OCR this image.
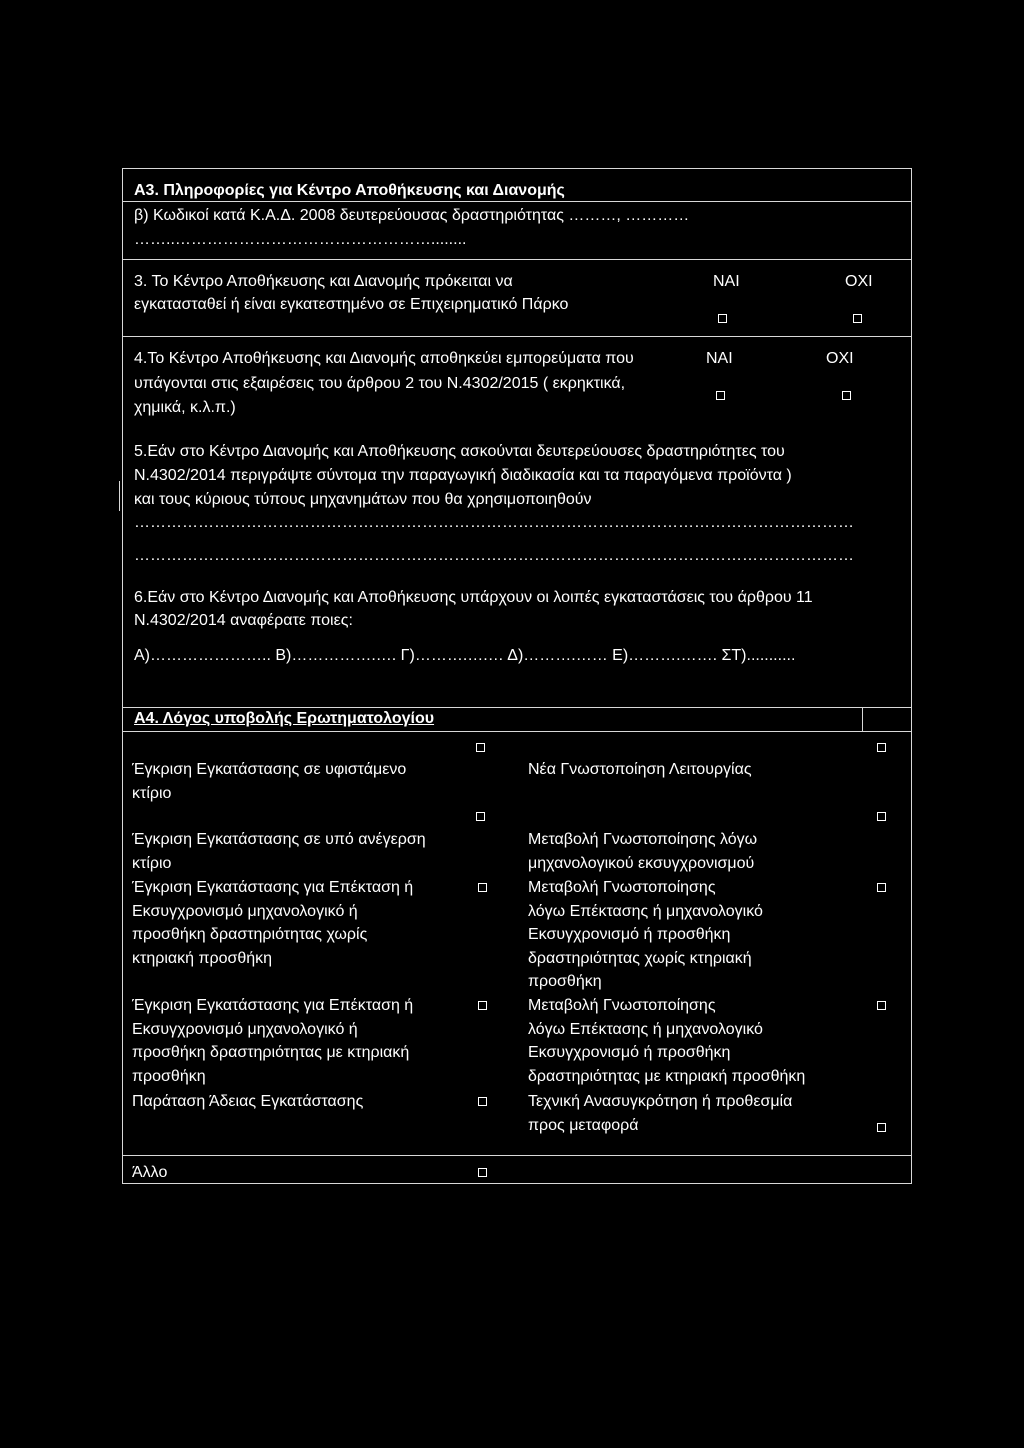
Α3. Πληροφορίες για Κέντρο Αποθήκευσης και Διανομής
β) Κωδικοί κατά Κ.Α.Δ. 2008 δευτερεύουσας δραστηριότητας ………, …………
……..…………………………………………........
3. Το Κέντρο Αποθήκευσης και Διανομής πρόκειται να
εγκατασταθεί ή είναι εγκατεστημένο σε Επιχειρηματικό Πάρκο
ΝΑΙ	ΟΧΙ
4.Το Κέντρο Αποθήκευσης και Διανομής αποθηκεύει εμπορεύματα που
υπάγονται στις εξαιρέσεις του άρθρου 2 του Ν.4302/2015 ( εκρηκτικά,
χημικά, κ.λ.π.)
ΝΑΙ	ΟΧΙ
5.Εάν στο Κέντρο Διανομής και Αποθήκευσης ασκούνται δευτερεύουσες δραστηριότητες του
Ν.4302/2014 περιγράψτε σύντομα την παραγωγική διαδικασία και τα παραγόμενα προϊόντα )
και τους κύριους τύπους μηχανημάτων που θα χρησιμοποιηθούν
………………………………………………………………………………………………………………………
………………………………………………………………………………………………………………………
6.Εάν στο Κέντρο Διανομής και Αποθήκευσης υπάρχουν οι λοιπές εγκαταστάσεις του άρθρου 11
Ν.4302/2014 αναφέρατε ποιες:
Α)………………….. Β)…………….…. Γ)……….….… Δ)……….…… Ε)……….……. ΣΤ)...........
Α4. Λόγος υποβολής Ερωτηματολογίου
Έγκριση Εγκατάστασης σε υφιστάμενο
κτίριο
Έγκριση Εγκατάστασης σε υπό ανέγερση
κτίριο
Έγκριση Εγκατάστασης για Επέκταση ή
Εκσυγχρονισμό μηχανολογικό ή
προσθήκη δραστηριότητας χωρίς
κτηριακή προσθήκη
Έγκριση Εγκατάστασης για Επέκταση ή
Εκσυγχρονισμό μηχανολογικό ή
προσθήκη δραστηριότητας με κτηριακή
προσθήκη
Παράταση Άδειας Εγκατάστασης
Άλλο
Νέα Γνωστοποίηση Λειτουργίας
Μεταβολή Γνωστοποίησης λόγω
μηχανολογικού εκσυγχρονισμού
Μεταβολή Γνωστοποίησης
λόγω Επέκτασης ή μηχανολογικό
Εκσυγχρονισμό ή προσθήκη
δραστηριότητας χωρίς κτηριακή
προσθήκη
Μεταβολή Γνωστοποίησης
λόγω Επέκτασης ή μηχανολογικό
Εκσυγχρονισμό ή προσθήκη
δραστηριότητας με κτηριακή προσθήκη
Τεχνική Ανασυγκρότηση ή προθεσμία
προς μεταφορά
